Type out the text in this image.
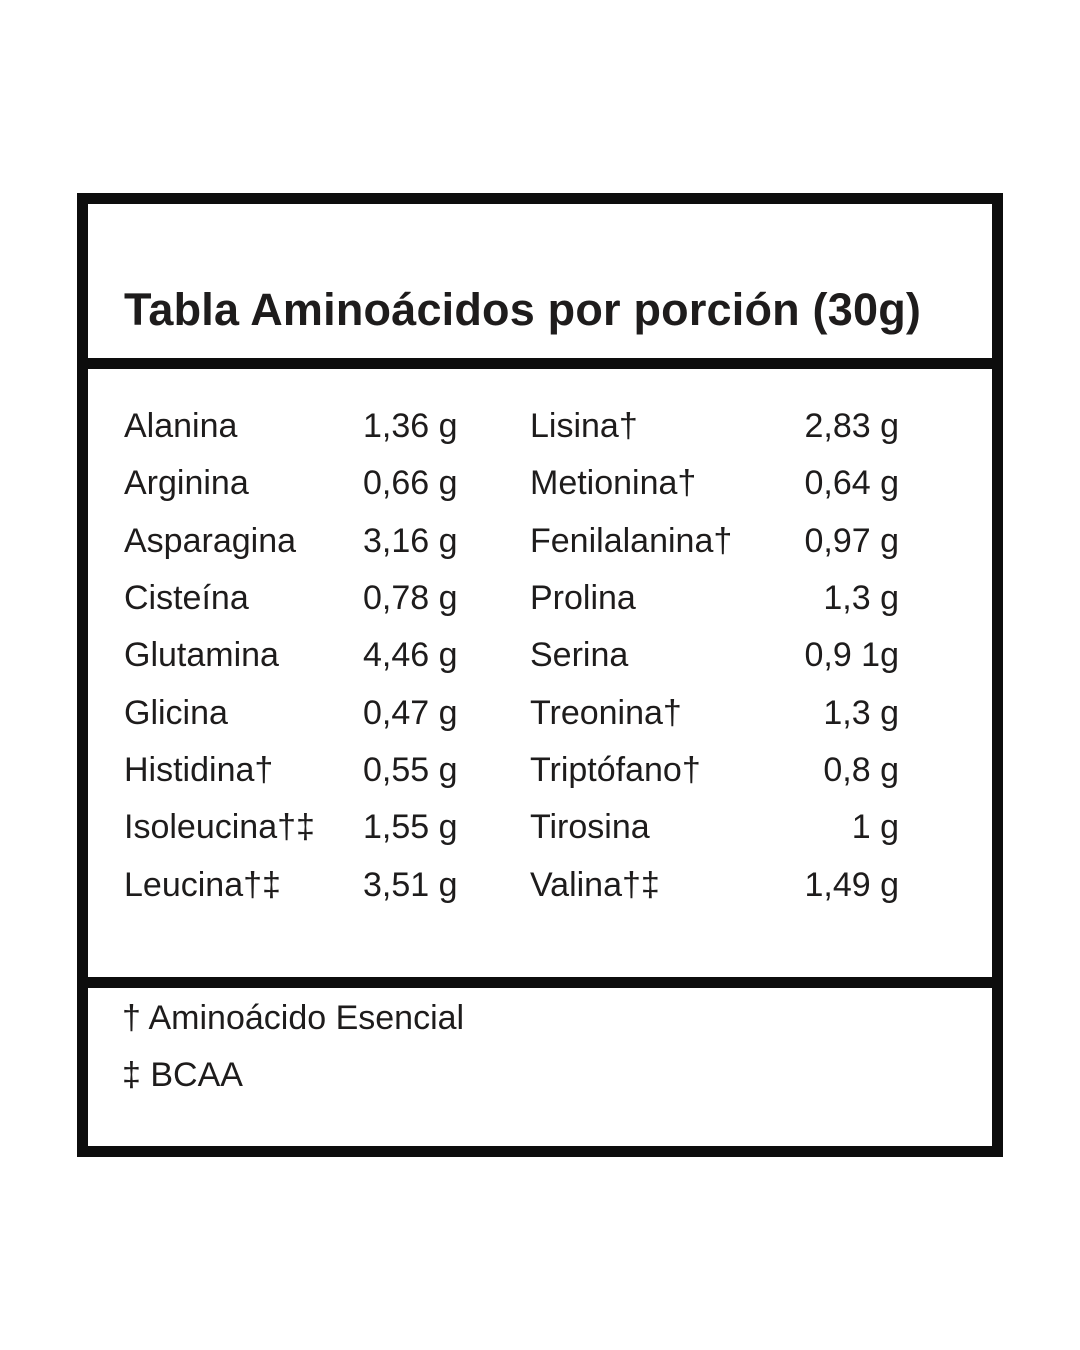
Tabla Aminoácidos por porción (30g)
Alanina	1,36 g Lisina†	2,83 g
Arginina	0,66 g Metionina†	0,64 g
Asparagina	3,16 g Fenilalanina†	0,97 g
Cisteína	0,78 g Prolina	1,3 g
Glutamina	4,46 g Serina	0,9 1g
Glicina	0,47 g Treonina†	1,3 g
Histidina†	0,55 g Triptófano†	0,8 g
Isoleucina†‡	1,55 g Tirosina	1 g
Leucina†‡	3,51 g Valina†‡	1,49 g
† Aminoácido Esencial
‡ BCAA
